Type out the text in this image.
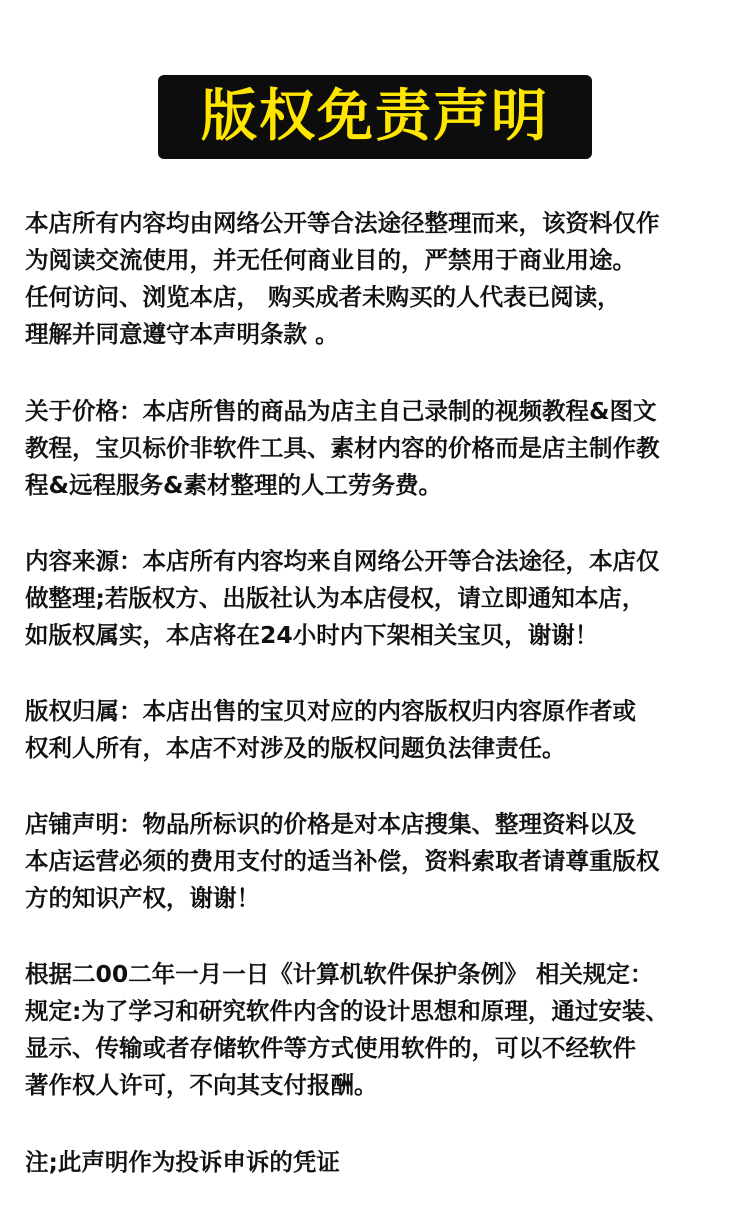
版权免责声明
本店所有内容均由网络公开等合法途径整理而来，该资料仅作
为阅读交流使用，并无任何商业目的，严禁用于商业用途。
任何访问、浏览本店， 购买成者未购买的人代表已阅读，
理解并同意遵守本声明条款 。
关于价格：本店所售的商品为店主自己录制的视频教程&图文
教程，宝贝标价非软件工具、素材内容的价格而是店主制作教
程&远程服务&素材整理的人工劳务费。
内容来源：本店所有内容均来自网络公开等合法途径，本店仅
做整理;若版权方、出版社认为本店侵权，请立即通知本店，
如版权属实，本店将在24小时内下架相关宝贝，谢谢！
版权归属：本店出售的宝贝对应的内容版权归内容原作者或
权利人所有，本店不对涉及的版权问题负法律责任。
店铺声明：物品所标识的价格是对本店搜集、整理资料以及
本店运营必须的费用支付的适当补偿，资料索取者请尊重版权
方的知识产权，谢谢！
根据二00二年一月一日《计算机软件保护条例》 相关规定：
规定:为了学习和研究软件内含的设计思想和原理，通过安装、
显示、传输或者存储软件等方式使用软件的，可以不经软件
著作权人许可，不向其支付报酬。
注;此声明作为投诉申诉的凭证
